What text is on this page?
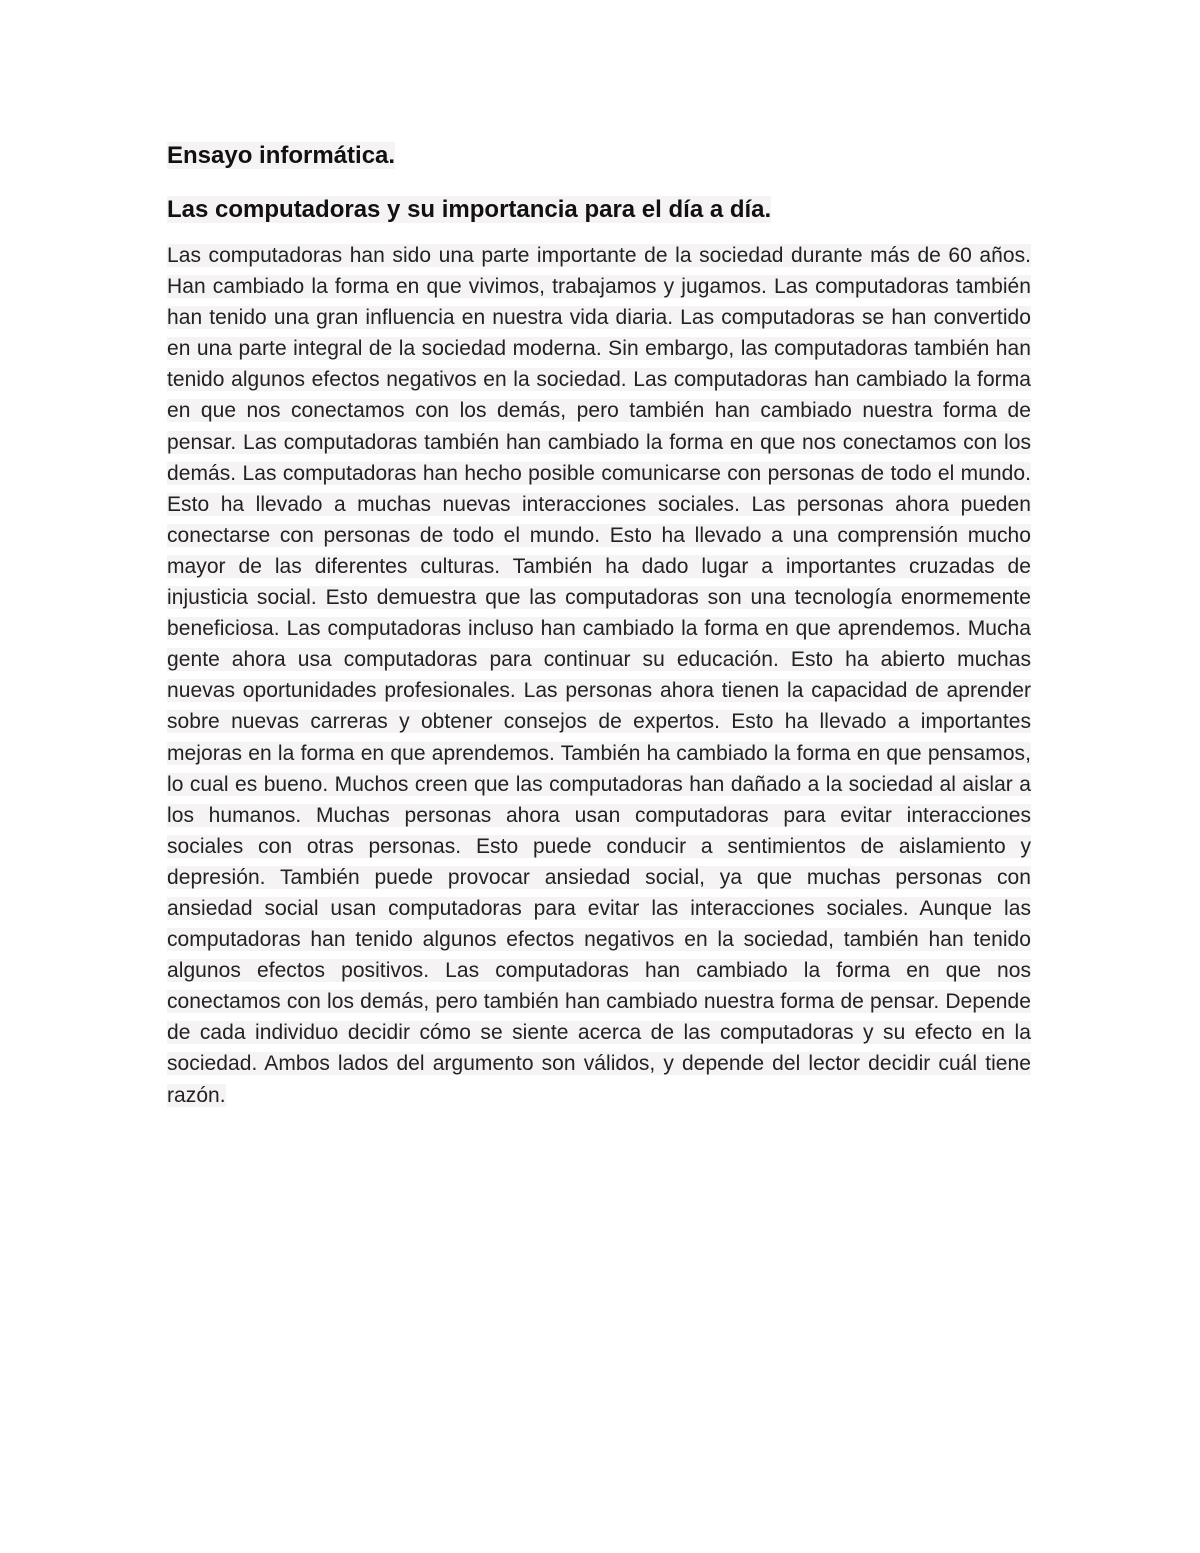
Ensayo informática.
Las computadoras y su importancia para el día a día.

Las computadoras han sido una parte importante de la sociedad durante más de 60 años. Han cambiado la forma en que vivimos, trabajamos y jugamos. Las computadoras también han tenido una gran influencia en nuestra vida diaria. Las computadoras se han convertido en una parte integral de la sociedad moderna. Sin embargo, las computadoras también han tenido algunos efectos negativos en la sociedad. Las computadoras han cambiado la forma en que nos conectamos con los demás, pero también han cambiado nuestra forma de pensar. Las computadoras también han cambiado la forma en que nos conectamos con los demás. Las computadoras han hecho posible comunicarse con personas de todo el mundo. Esto ha llevado a muchas nuevas interacciones sociales. Las personas ahora pueden conectarse con personas de todo el mundo. Esto ha llevado a una comprensión mucho mayor de las diferentes culturas. También ha dado lugar a importantes cruzadas de injusticia social. Esto demuestra que las computadoras son una tecnología enormemente beneficiosa. Las computadoras incluso han cambiado la forma en que aprendemos. Mucha gente ahora usa computadoras para continuar su educación. Esto ha abierto muchas nuevas oportunidades profesionales. Las personas ahora tienen la capacidad de aprender sobre nuevas carreras y obtener consejos de expertos. Esto ha llevado a importantes mejoras en la forma en que aprendemos. También ha cambiado la forma en que pensamos, lo cual es bueno. Muchos creen que las computadoras han dañado a la sociedad al aislar a los humanos. Muchas personas ahora usan computadoras para evitar interacciones sociales con otras personas. Esto puede conducir a sentimientos de aislamiento y depresión. También puede provocar ansiedad social, ya que muchas personas con ansiedad social usan computadoras para evitar las interacciones sociales. Aunque las computadoras han tenido algunos efectos negativos en la sociedad, también han tenido algunos efectos positivos. Las computadoras han cambiado la forma en que nos conectamos con los demás, pero también han cambiado nuestra forma de pensar. Depende de cada individuo decidir cómo se siente acerca de las computadoras y su efecto en la sociedad. Ambos lados del argumento son válidos, y depende del lector decidir cuál tiene razón.
